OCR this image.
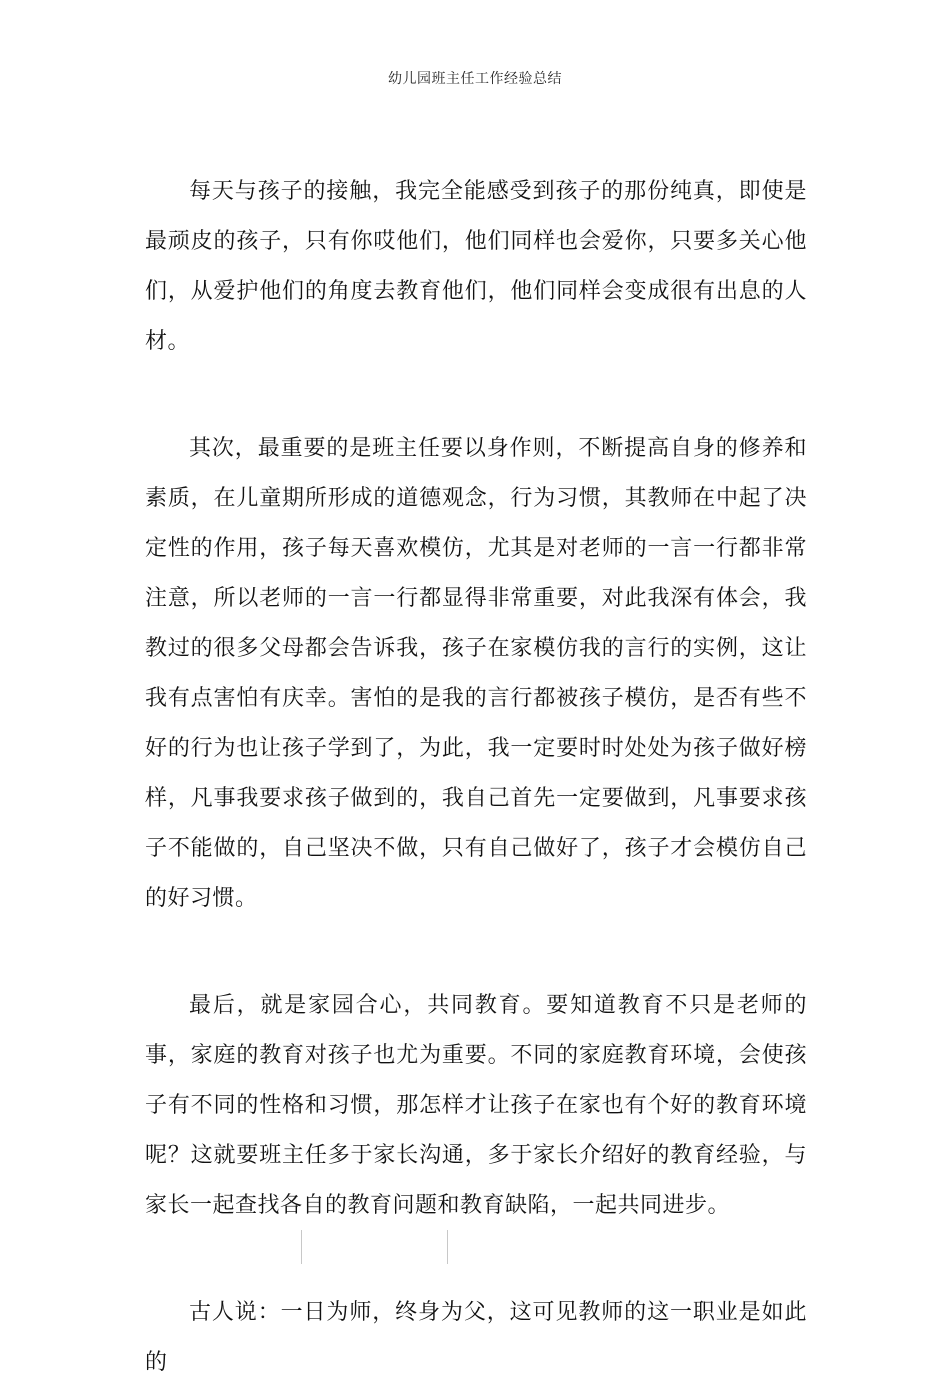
幼儿园班主任工作经验总结

每天与孩子的接触，我完全能感受到孩子的那份纯真，即使是最顽皮的孩子，只有你哎他们，他们同样也会爱你，只要多关心他们，从爱护他们的角度去教育他们，他们同样会变成很有出息的人材。

其次，最重要的是班主任要以身作则，不断提高自身的修养和素质，在儿童期所形成的道德观念，行为习惯，其教师在中起了决定性的作用，孩子每天喜欢模仿，尤其是对老师的一言一行都非常注意，所以老师的一言一行都显得非常重要，对此我深有体会，我教过的很多父母都会告诉我，孩子在家模仿我的言行的实例，这让我有点害怕有庆幸。害怕的是我的言行都被孩子模仿，是否有些不好的行为也让孩子学到了，为此，我一定要时时处处为孩子做好榜样，凡事我要求孩子做到的，我自己首先一定要做到，凡事要求孩子不能做的，自己坚决不做，只有自己做好了，孩子才会模仿自己的好习惯。

最后，就是家园合心，共同教育。要知道教育不只是老师的事，家庭的教育对孩子也尤为重要。不同的家庭教育环境，会使孩子有不同的性格和习惯，那怎样才让孩子在家也有个好的教育环境呢？这就要班主任多于家长沟通，多于家长介绍好的教育经验，与家长一起查找各自的教育问题和教育缺陷，一起共同进步。

古人说：一日为师，终身为父，这可见教师的这一职业是如此的
